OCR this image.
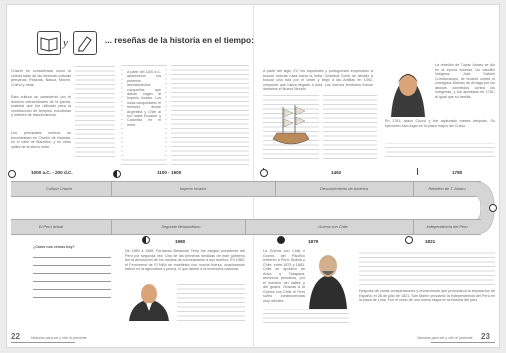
y	... reseñas de la historia en el tiempo:
Chavín es considerada como la cultura base de las diversas culturas peruanas: Paracas, Nasca, Moche, Chimú y otras.
Esta cultura se caracterizó por el dominio extraordinario de la piedra, material que fue utilizado para la construcción de templos, esculturas y relieves de trascendencia.
Los principales centros se encontraban en Chavín de Huántar, en el valle de Marañón, y en otros valles de la sierra norte.
1000 a.C. - 200 d.C.
A partir del 1100 d.C. aparecieron los primeros asentamientos cuzqueños que darían origen al Imperio Incaico. Los incas conquistaron el territorio desde Argentina y Chile al sur hasta Ecuador y Colombia en el norte.
1100 - 1600
A partir del siglo XV, los españoles y portugueses empezaron a buscar nuevas rutas hacia la India. Cristóbal Colón se decidió a buscar una ruta por el oeste y llegó a las Antillas en 1492, creyendo que había llegado a Asia. Los nuevos territorios fueron llamados el Nuevo Mundo.
1492
La rebelión de Túpac Amaru se dio en la época colonial. Un caudillo indígena, José Gabriel Condorcanqui, se levantó contra el corregidor Antonio de Arriaga por los abusos cometidos contra los indígenas, y fue apresado en 1781, al igual que su familia.
En 1781, atacó Cuzco y fue capturado meses después. Su ejecución tuvo lugar en la plaza mayor del Cuzco.
1780
Cultura Chavín	Imperio Incaico	Descubrimiento de América	Rebelión de T. Amaru
El Perú actual	Segundo Belaundismo	Guerra con Chile	Independencia del Perú
¿Cómo nos vemos hoy?
1980
De 1980 a 1985, Fernando Belaúnde Terry fue elegido presidente del Perú por segunda vez. Una de las primeras medidas de este gobierno fue la devolución de los medios de comunicación a sus dueños. En 1983, el Fenómeno de El Niño se manifestó con mucha fuerza, ocasionando daños en la agricultura y pesca, lo que afectó a la economía nacional.
1879
La Guerra con Chile o Guerra del Pacífico enfrentó a Perú, Bolivia y Chile, entre 1879 y 1883. Chile se apoderó de Arica y Tarapacá, territorios peruanos, por el dominio del salitre y del guano. Gracias a la Guerra con Chile el Perú sufrió consecuencias muy difíciles.
1821
Después de varias conspiraciones y revoluciones que provocaron la separación de España, el 28 de julio de 1821, San Martín proclamó la independencia del Perú en la plaza de Lima. Fue el inicio de una nueva etapa en la historia del país.
22	Historias para ver y vivir el presente	Historias para ver y vivir el presente 23
